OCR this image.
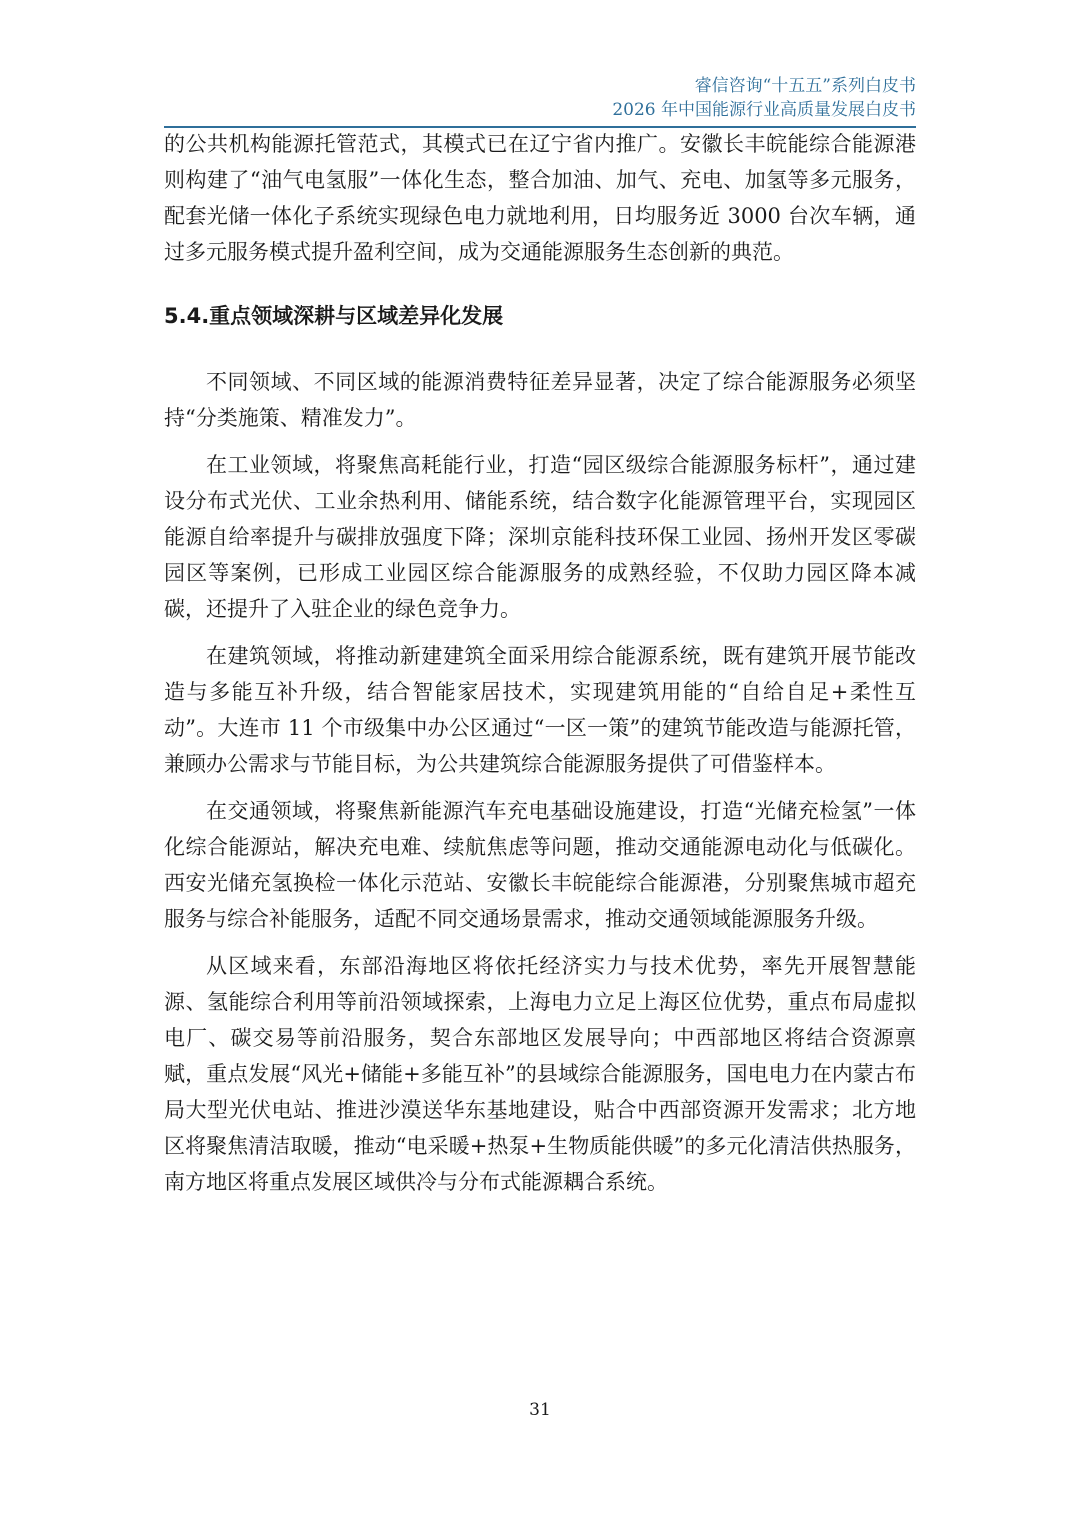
睿信咨询“十五五”系列白皮书
2026 年中国能源行业高质量发展白皮书

的公共机构能源托管范式，其模式已在辽宁省内推广。安徽长丰皖能综合能源港则构建了“油气电氢服”一体化生态，整合加油、加气、充电、加氢等多元服务，配套光储一体化子系统实现绿色电力就地利用，日均服务近 3000 台次车辆，通过多元服务模式提升盈利空间，成为交通能源服务生态创新的典范。

5.4.重点领域深耕与区域差异化发展

不同领域、不同区域的能源消费特征差异显著，决定了综合能源服务必须坚持“分类施策、精准发力”。

在工业领域，将聚焦高耗能行业，打造“园区级综合能源服务标杆”，通过建设分布式光伏、工业余热利用、储能系统，结合数字化能源管理平台，实现园区能源自给率提升与碳排放强度下降；深圳京能科技环保工业园、扬州开发区零碳园区等案例，已形成工业园区综合能源服务的成熟经验，不仅助力园区降本减碳，还提升了入驻企业的绿色竞争力。

在建筑领域，将推动新建建筑全面采用综合能源系统，既有建筑开展节能改造与多能互补升级，结合智能家居技术，实现建筑用能的“自给自足+柔性互动”。大连市 11 个市级集中办公区通过“一区一策”的建筑节能改造与能源托管，兼顾办公需求与节能目标，为公共建筑综合能源服务提供了可借鉴样本。

在交通领域，将聚焦新能源汽车充电基础设施建设，打造“光储充检氢”一体化综合能源站，解决充电难、续航焦虑等问题，推动交通能源电动化与低碳化。西安光储充氢换检一体化示范站、安徽长丰皖能综合能源港，分别聚焦城市超充服务与综合补能服务，适配不同交通场景需求，推动交通领域能源服务升级。

从区域来看，东部沿海地区将依托经济实力与技术优势，率先开展智慧能源、氢能综合利用等前沿领域探索，上海电力立足上海区位优势，重点布局虚拟电厂、碳交易等前沿服务，契合东部地区发展导向；中西部地区将结合资源禀赋，重点发展“风光+储能+多能互补”的县域综合能源服务，国电电力在内蒙古布局大型光伏电站、推进沙漠送华东基地建设，贴合中西部资源开发需求；北方地区将聚焦清洁取暖，推动“电采暖+热泵+生物质能供暖”的多元化清洁供热服务，南方地区将重点发展区域供冷与分布式能源耦合系统。

31
